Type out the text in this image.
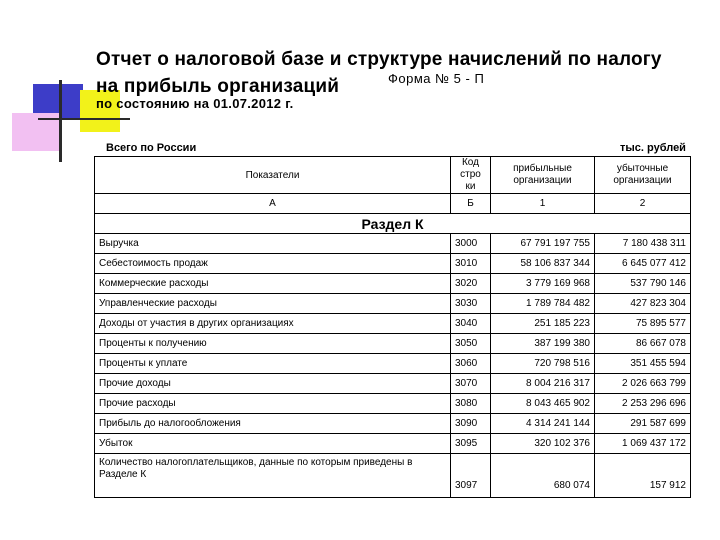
Отчет о налоговой базе и структуре начислений по налогу
на прибыль организаций	Форма № 5 - П
по состоянию на 01.07.2012 г.
Всего по России	тыс. рублей
Показатели	Код стро ки	прибыльные организации	убыточные организации
А	Б	1	2
Раздел К			
Выручка	3000	67 791 197 755	7 180 438 311
Себестоимость продаж	3010	58 106 837 344	6 645 077 412
Коммерческие расходы	3020	3 779 169 968	537 790 146
Управленческие расходы	3030	1 789 784 482	427 823 304
Доходы от участия в других организациях	3040	251 185 223	75 895 577
Проценты к получению	3050	387 199 380	86 667 078
Проценты к уплате	3060	720 798 516	351 455 594
Прочие доходы	3070	8 004 216 317	2 026 663 799
Прочие расходы	3080	8 043 465 902	2 253 296 696
Прибыль до налогообложения	3090	4 314 241 144	291 587 699
Убыток	3095	320 102 376	1 069 437 172
Количество налогоплательщиков, данные по которым приведены в Разделе К	3097	680 074	157 912
